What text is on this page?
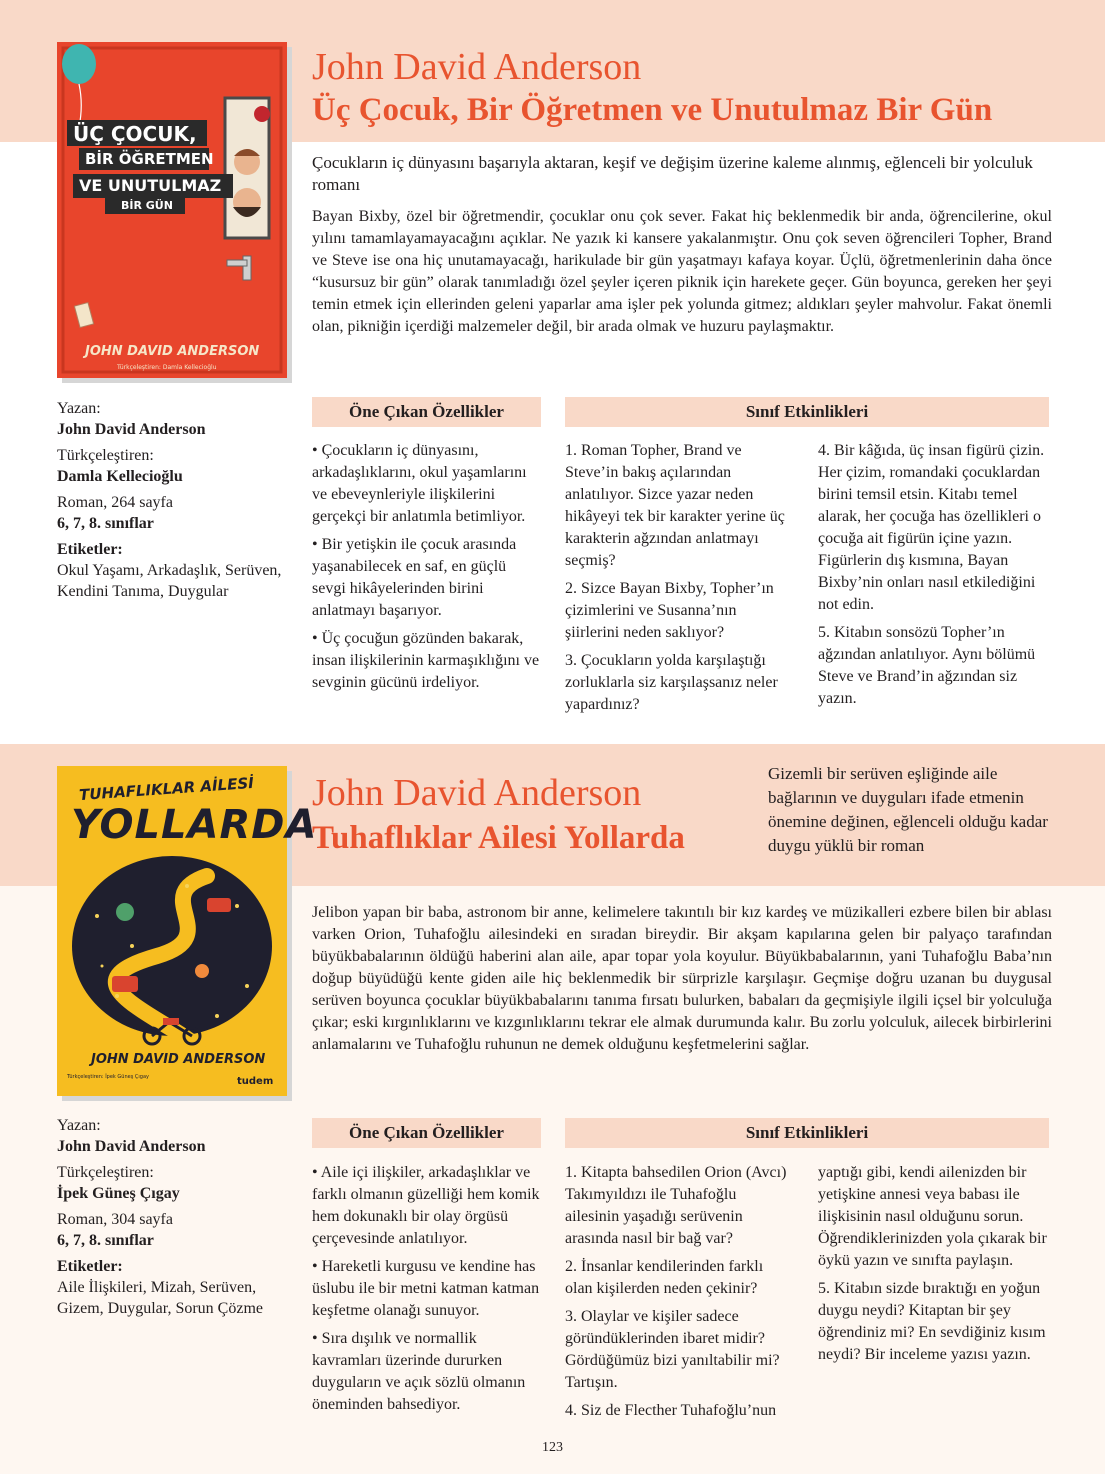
ÜÇ ÇOCUK,
BİR ÖĞRETMEN
VE UNUTULMAZ
BİR GÜN
JOHN DAVID ANDERSON
Türkçeleştiren: Damla Kellecioğlu
John David Anderson
Üç Çocuk, Bir Öğretmen ve Unutulmaz Bir Gün
Çocukların iç dünyasını başarıyla aktaran, keşif ve değişim üzerine kaleme alınmış, eğlenceli bir yolculuk romanı
Bayan Bixby, özel bir öğretmendir, çocuklar onu çok sever. Fakat hiç beklenmedik bir anda, öğrencilerine, okul yılını tamamlayamayacağını açıklar. Ne yazık ki kansere yakalanmıştır. Onu çok seven öğrencileri Topher, Brand ve Steve ise ona hiç unutamayacağı, harikulade bir gün yaşatmayı kafaya koyar. Üçlü, öğretmenlerinin daha önce “kusursuz bir gün” olarak tanımladığı özel şeyler içeren piknik için harekete geçer. Gün boyunca, gereken her şeyi temin etmek için ellerinden geleni yaparlar ama işler pek yolunda gitmez; aldıkları şeyler mahvolur. Fakat önemli olan, pikniğin içerdiği malzemeler değil, bir arada olmak ve huzuru paylaşmaktır.
Yazan:
John David Anderson
Türkçeleştiren:
Damla Kellecioğlu
Roman, 264 sayfa
6, 7, 8. sınıflar
Etiketler:
Okul Yaşamı, Arkadaşlık, Serüven, Kendini Tanıma, Duygular
Öne Çıkan Özellikler	Sınıf Etkinlikleri

• Çocukların iç dünyasını, arkadaşlıklarını, okul yaşamlarını ve ebeveynleriyle ilişkilerini gerçekçi bir anlatımla betimliyor.

• Bir yetişkin ile çocuk arasında yaşanabilecek en saf, en güçlü sevgi hikâyelerinden birini anlatmayı başarıyor.

• Üç çocuğun gözünden bakarak, insan ilişkilerinin karmaşıklığını ve sevginin gücünü irdeliyor.

1. Roman Topher, Brand ve Steve’in bakış açılarından anlatılıyor. Sizce yazar neden hikâyeyi tek bir karakter yerine üç karakterin ağzından anlatmayı seçmiş?

2. Sizce Bayan Bixby, Topher’ın çizimlerini ve Susanna’nın şiirlerini neden saklıyor?

3. Çocukların yolda karşılaştığı zorluklarla siz karşılaşsanız neler yapardınız?

4. Bir kâğıda, üç insan figürü çizin. Her çizim, romandaki çocuklardan birini temsil etsin. Kitabı temel alarak, her çocuğa has özellikleri o çocuğa ait figürün içine yazın. Figürlerin dış kısmına, Bayan Bixby’nin onları nasıl etkilediğini not edin.

5. Kitabın sonsözü Topher’ın ağzından anlatılıyor. Aynı bölümü Steve ve Brand’in ağzından siz yazın.

TUHAFLIKLAR AİLESİ
YOLLARDA
JOHN DAVID ANDERSON
Türkçeleştiren: İpek Güneş Çıgay	tudem
John David Anderson
Tuhaflıklar Ailesi Yollarda
Gizemli bir serüven eşliğinde aile bağlarının ve duyguları ifade etmenin önemine değinen, eğlenceli olduğu kadar duygu yüklü bir roman
Jelibon yapan bir baba, astronom bir anne, kelimelere takıntılı bir kız kardeş ve müzikalleri ezbere bilen bir ablası varken Orion, Tuhafoğlu ailesindeki en sıradan bireydir. Bir akşam kapılarına gelen bir palyaço tarafından büyükbabalarının öldüğü haberini alan aile, apar topar yola koyulur. Büyükbabalarının, yani Tuhafoğlu Baba’nın doğup büyüdüğü kente giden aile hiç beklenmedik bir sürprizle karşılaşır. Geçmişe doğru uzanan bu duygusal serüven boyunca çocuklar büyükbabalarını tanıma fırsatı bulurken, babaları da geçmişiyle ilgili içsel bir yolculuğa çıkar; eski kırgınlıklarını ve kızgınlıklarını tekrar ele almak durumunda kalır. Bu zorlu yolculuk, ailecek birbirlerini anlamalarını ve Tuhafoğlu ruhunun ne demek olduğunu keşfetmelerini sağlar.
Yazan:
John David Anderson
Türkçeleştiren:
İpek Güneş Çıgay
Roman, 304 sayfa
6, 7, 8. sınıflar
Etiketler:
Aile İlişkileri, Mizah, Serüven, Gizem, Duygular, Sorun Çözme
Öne Çıkan Özellikler	Sınıf Etkinlikleri

• Aile içi ilişkiler, arkadaşlıklar ve farklı olmanın güzelliği hem komik hem dokunaklı bir olay örgüsü çerçevesinde anlatılıyor.

• Hareketli kurgusu ve kendine has üslubu ile bir metni katman katman keşfetme olanağı sunuyor.

• Sıra dışılık ve normallik kavramları üzerinde dururken duyguların ve açık sözlü olmanın öneminden bahsediyor.

1. Kitapta bahsedilen Orion (Avcı) Takımyıldızı ile Tuhafoğlu ailesinin yaşadığı serüvenin arasında nasıl bir bağ var?

2. İnsanlar kendilerinden farklı olan kişilerden neden çekinir?

3. Olaylar ve kişiler sadece göründüklerinden ibaret midir? Gördüğümüz bizi yanıltabilir mi? Tartışın.

4. Siz de Flecther Tuhafoğlu’nun

yaptığı gibi, kendi ailenizden bir yetişkine annesi veya babası ile ilişkisinin nasıl olduğunu sorun. Öğrendiklerinizden yola çıkarak bir öykü yazın ve sınıfta paylaşın.

5. Kitabın sizde bıraktığı en yoğun duygu neydi? Kitaptan bir şey öğrendiniz mi? En sevdiğiniz kısım neydi? Bir inceleme yazısı yazın.

123
